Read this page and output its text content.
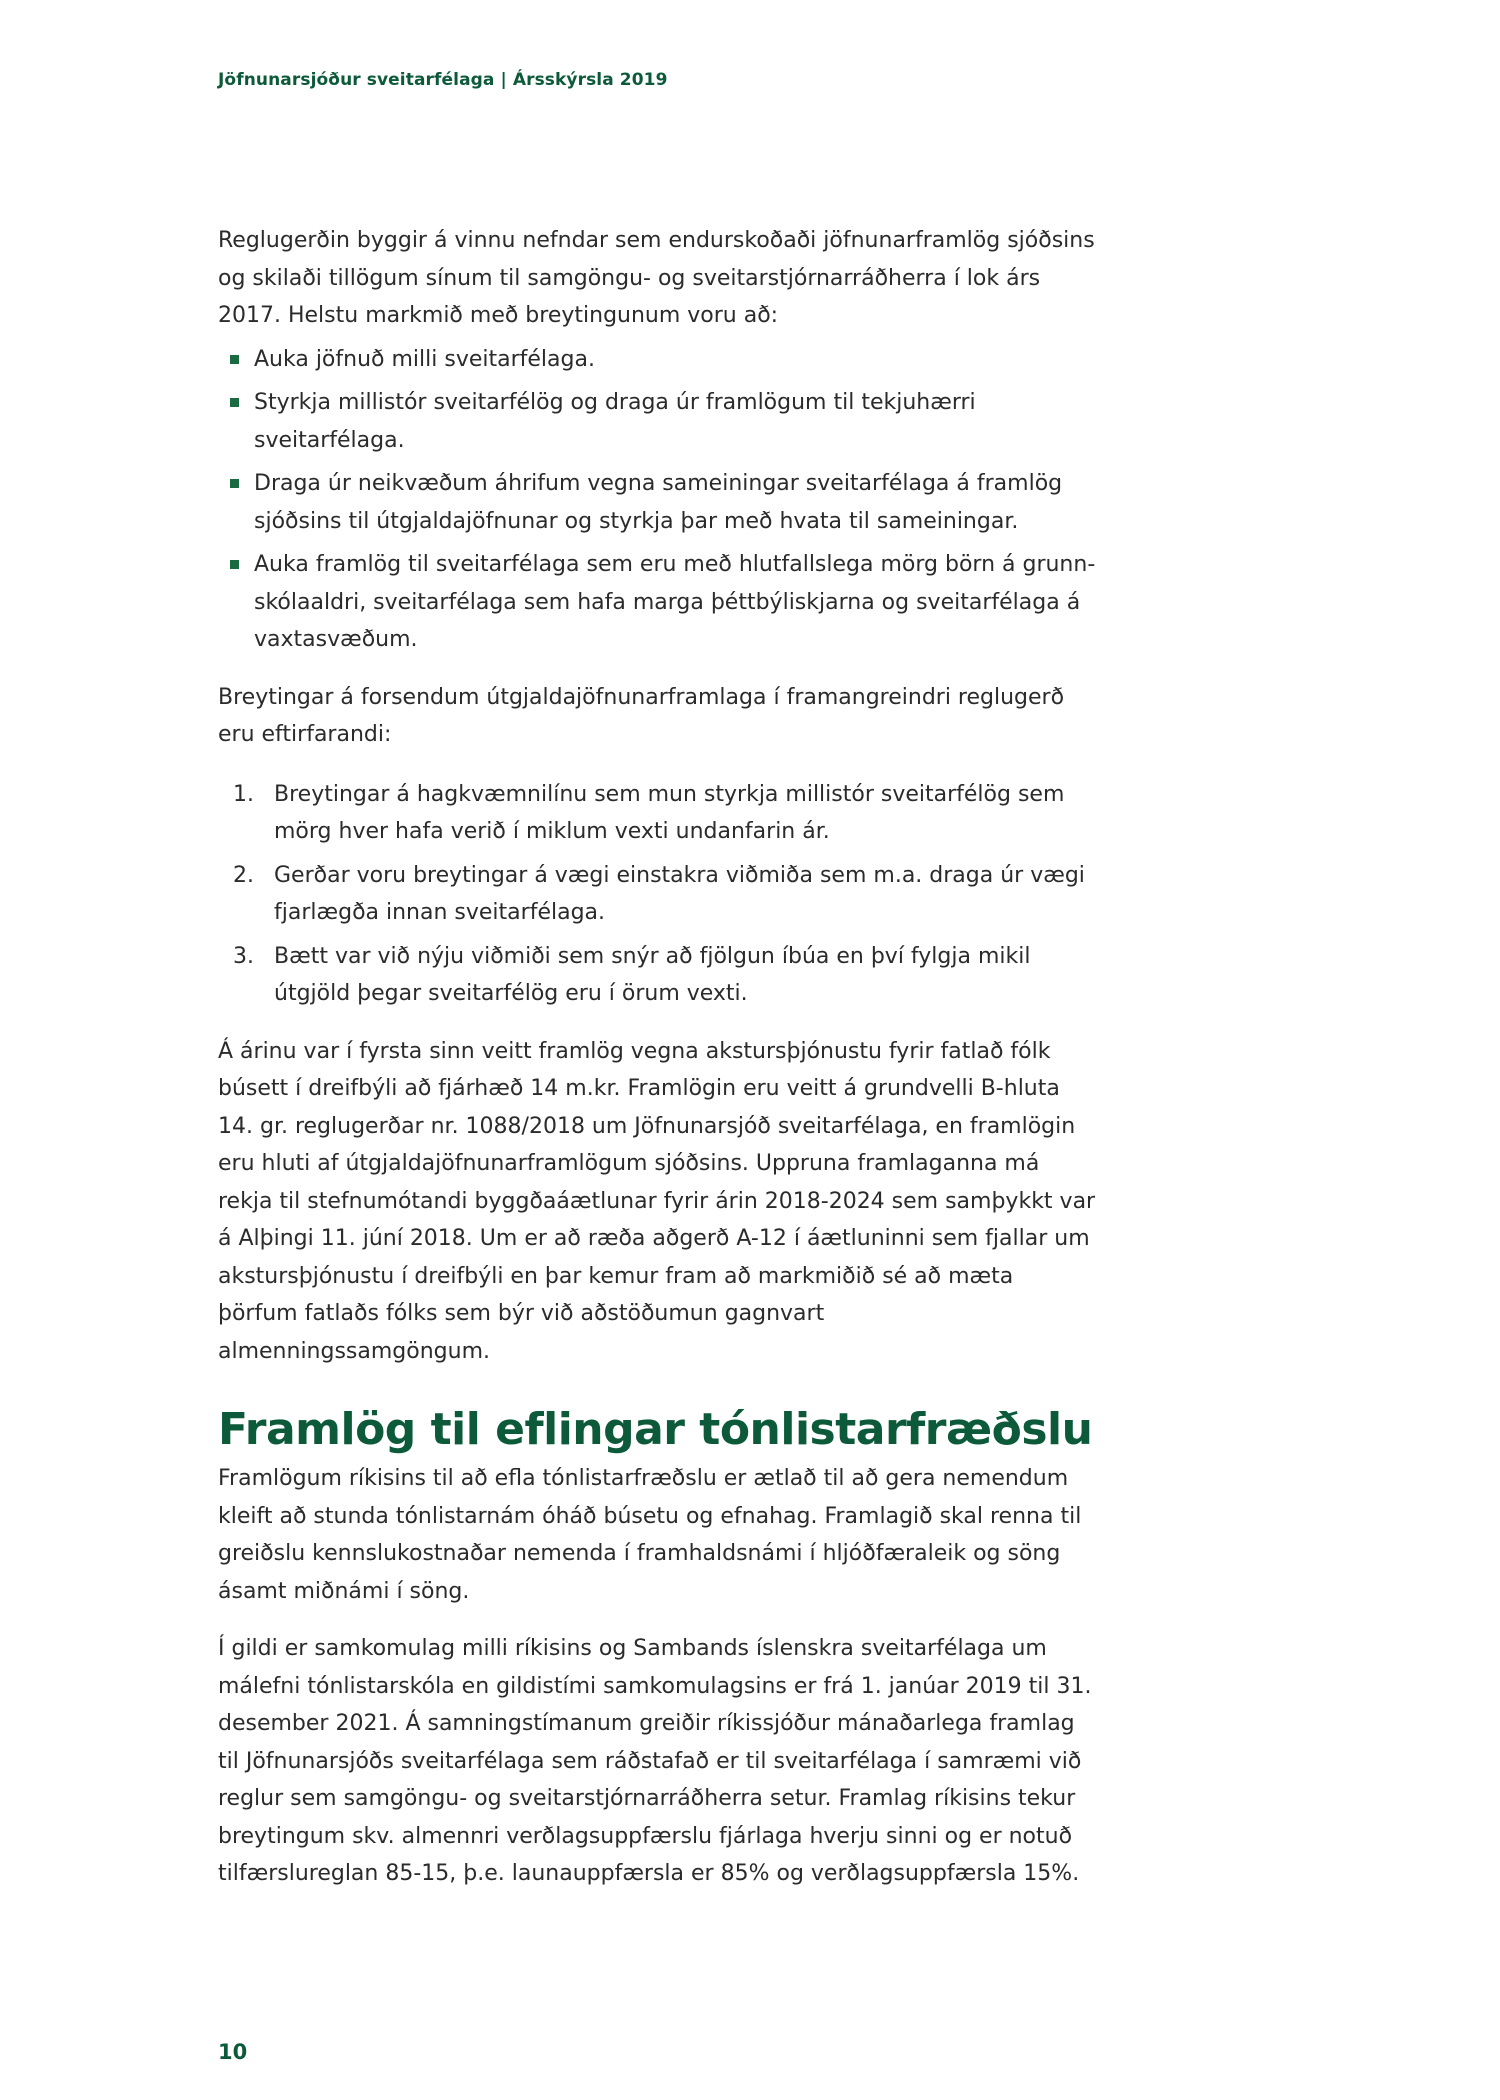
Jöfnunarsjóður sveitarfélaga | Ársskýrsla 2019

Reglugerðin byggir á vinnu nefndar sem endurskoðaði jöfnunarframlög sjóðsins og skilaði tillögum sínum til samgöngu- og sveitarstjórnarráðherra í lok árs 2017. Helstu markmið með breytingunum voru að:

Auka jöfnuð milli sveitarfélaga.
Styrkja millistór sveitarfélög og draga úr framlögum til tekjuhærri sveitarfélaga.
Draga úr neikvæðum áhrifum vegna sameiningar sveitarfélaga á framlög sjóðsins til útgjaldajöfnunar og styrkja þar með hvata til sameiningar.
Auka framlög til sveitarfélaga sem eru með hlutfallslega mörg börn á grunnskólaaldri, sveitarfélaga sem hafa marga þéttbýliskjarna og sveitarfélaga á vaxtasvæðum.

Breytingar á forsendum útgjaldajöfnunarframlaga í framangreindri reglugerð eru eftirfarandi:

1. Breytingar á hagkvæmnilínu sem mun styrkja millistór sveitarfélög sem mörg hver hafa verið í miklum vexti undanfarin ár.
2. Gerðar voru breytingar á vægi einstakra viðmiða sem m.a. draga úr vægi fjarlægða innan sveitarfélaga.
3. Bætt var við nýju viðmiði sem snýr að fjölgun íbúa en því fylgja mikil útgjöld þegar sveitarfélög eru í örum vexti.

Á árinu var í fyrsta sinn veitt framlög vegna akstursþjónustu fyrir fatlað fólk búsett í dreifbýli að fjárhæð 14 m.kr. Framlögin eru veitt á grundvelli B-hluta 14. gr. reglugerðar nr. 1088/2018 um Jöfnunarsjóð sveitarfélaga, en framlögin eru hluti af útgjaldajöfnunarframlögum sjóðsins. Uppruna framlaganna má rekja til stefnumótandi byggðaáætlunar fyrir árin 2018-2024 sem samþykkt var á Alþingi 11. júní 2018. Um er að ræða aðgerð A-12 í áætluninni sem fjallar um akstursþjónustu í dreifbýli en þar kemur fram að markmiðið sé að mæta þörfum fatlaðs fólks sem býr við aðstöðumun gagnvart almenningssamgöngum.

Framlög til eflingar tónlistarfræðslu

Framlögum ríkisins til að efla tónlistarfræðslu er ætlað til að gera nemendum kleift að stunda tónlistarnám óháð búsetu og efnahag. Framlagið skal renna til greiðslu kennslukostnaðar nemenda í framhaldsnámi í hljóðfæraleik og söng ásamt miðnámi í söng.

Í gildi er samkomulag milli ríkisins og Sambands íslenskra sveitarfélaga um málefni tónlistarskóla en gildistími samkomulagsins er frá 1. janúar 2019 til 31. desember 2021. Á samningstímanum greiðir ríkissjóður mánaðarlega framlag til Jöfnunarsjóðs sveitarfélaga sem ráðstafað er til sveitarfélaga í samræmi við reglur sem samgöngu- og sveitarstjórnarráðherra setur. Framlag ríkisins tekur breytingum skv. almennri verðlagsuppfærslu fjárlaga hverju sinni og er notuð tilfærslureglan 85-15, þ.e. launauppfærsla er 85% og verðlagsuppfærsla 15%.

10
